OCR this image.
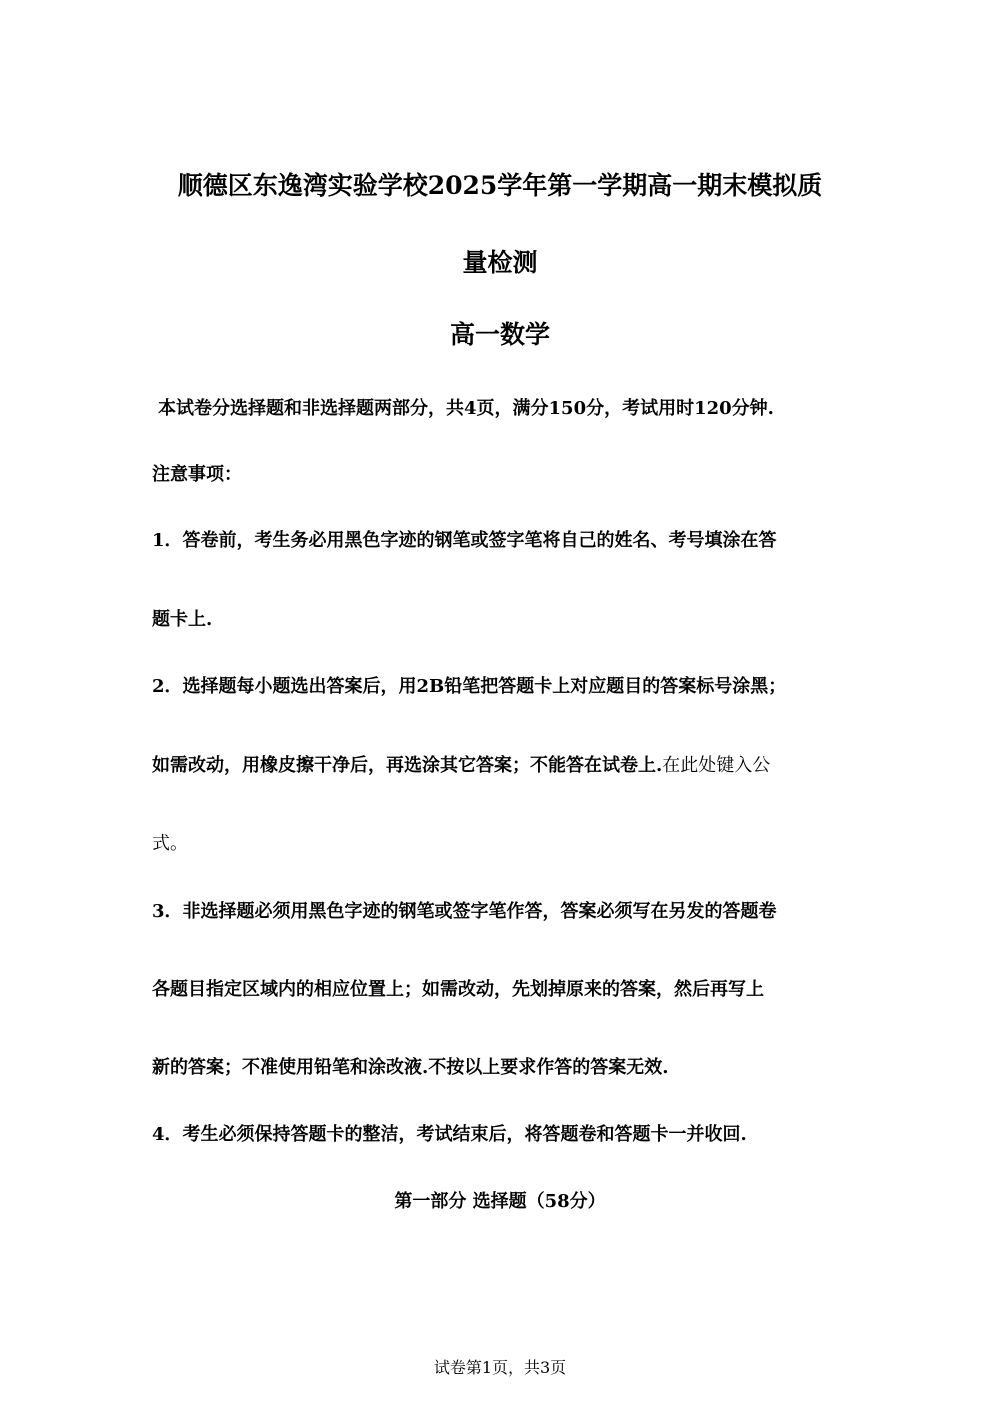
顺德区东逸湾实验学校2025学年第一学期高一期末模拟质
量检测
高一数学
本试卷分选择题和非选择题两部分，共4页，满分150分，考试用时120分钟.
注意事项：
1．答卷前，考生务必用黑色字迹的钢笔或签字笔将自己的姓名、考号填涂在答
题卡上.
2．选择题每小题选出答案后，用2B铅笔把答题卡上对应题目的答案标号涂黑；
如需改动，用橡皮擦干净后，再选涂其它答案；不能答在试卷上.在此处键入公
式。
3．非选择题必须用黑色字迹的钢笔或签字笔作答，答案必须写在另发的答题卷
各题目指定区域内的相应位置上；如需改动，先划掉原来的答案，然后再写上
新的答案；不准使用铅笔和涂改液.不按以上要求作答的答案无效.
4．考生必须保持答题卡的整洁，考试结束后，将答题卷和答题卡一并收回.
第一部分 选择题（58分）
试卷第1页，共3页
